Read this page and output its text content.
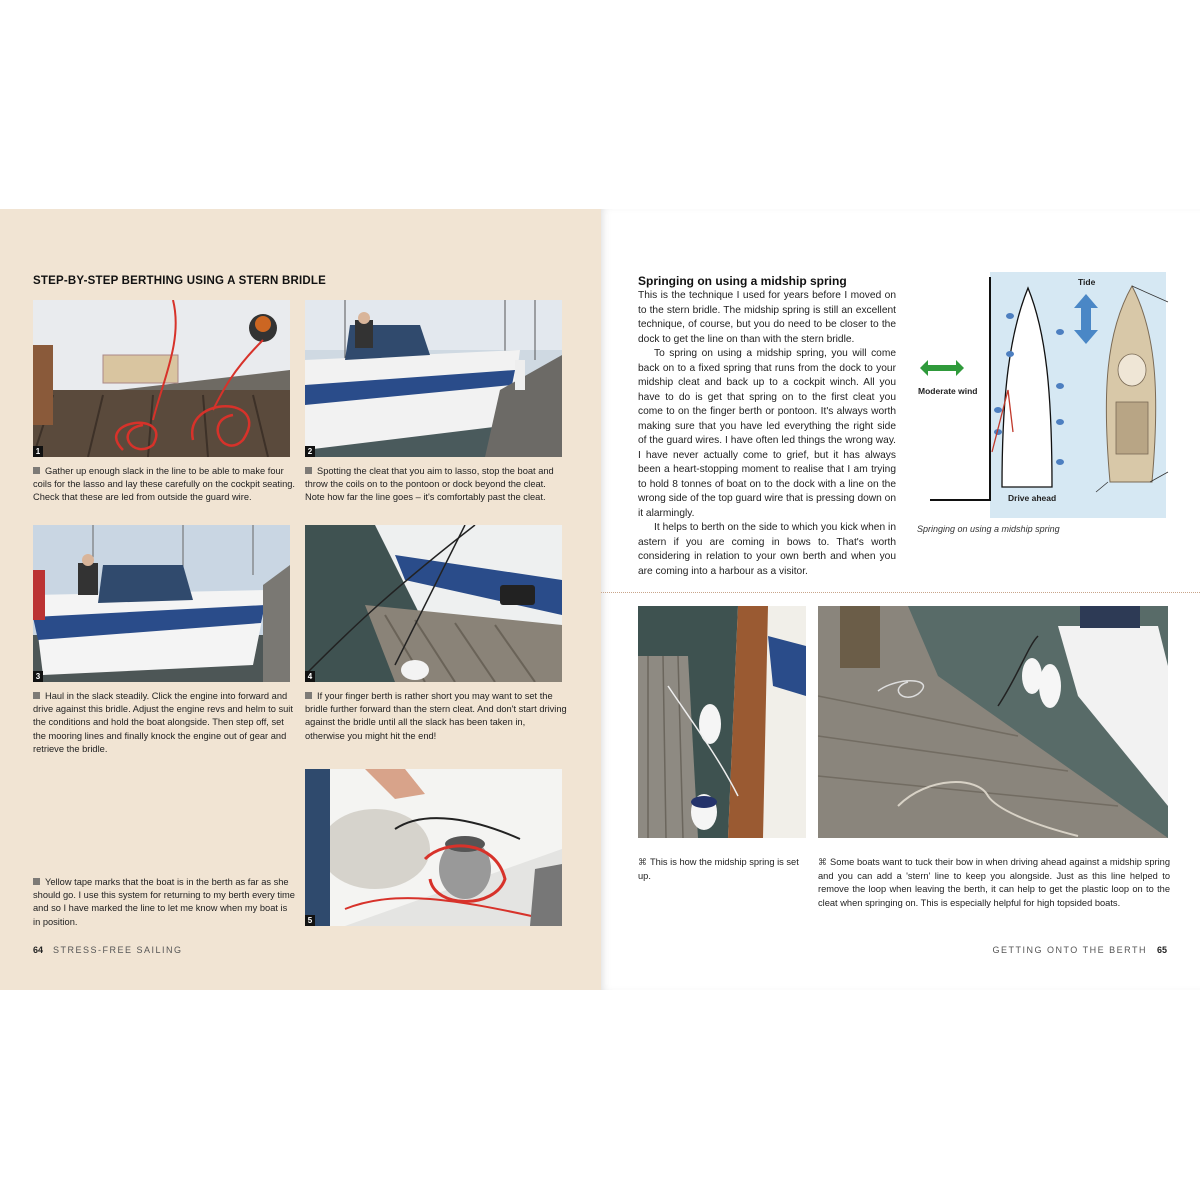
STEP-BY-STEP BERTHING USING A STERN BRIDLE
1	2
Gather up enough slack in the line to be able to make four coils for the lasso and lay these carefully on the cockpit seating. Check that these are led from outside the guard wire.
Spotting the cleat that you aim to lasso, stop the boat and throw the coils on to the pontoon or dock beyond the cleat. Note how far the line goes – it's comfortably past the cleat.
3	4
Haul in the slack steadily. Click the engine into forward and drive against this bridle. Adjust the engine revs and helm to suit the conditions and hold the boat alongside. Then step off, set the mooring lines and finally knock the engine out of gear and retrieve the bridle.
If your finger berth is rather short you may want to set the bridle further forward than the stern cleat. And don't start driving against the bridle until all the slack has been taken in, otherwise you might hit the end!
5
Yellow tape marks that the boat is in the berth as far as she should go. I use this system for returning to my berth every time and so I have marked the line to let me know when my boat is in position.
64 STRESS-FREE SAILING
Springing on using a midship spring

This is the technique I used for years before I moved on to the stern bridle. The midship spring is still an excellent technique, of course, but you do need to be closer to the dock to get the line on than with the stern bridle.

To spring on using a midship spring, you will come back on to a fixed spring that runs from the dock to your midship cleat and back up to a cockpit winch. All you have to do is get that spring on to the first cleat you come to on the finger berth or pontoon. It's always worth making sure that you have led everything the right side of the guard wires. I have often led things the wrong way. I have never actually come to grief, but it has always been a heart-stopping moment to realise that I am trying to hold 8 tonnes of boat on to the dock with a line on the wrong side of the top guard wire that is pressing down on it alarmingly.

It helps to berth on the side to which you kick when in astern if you are coming in bows to. That's worth considering in relation to your own berth and when you are coming into a harbour as a visitor.

Moderate wind
Tide
Drive ahead
Springing on using a midship spring
⌘ This is how the midship spring is set up.
⌘ Some boats want to tuck their bow in when driving ahead against a midship spring and you can add a 'stern' line to keep you alongside. Just as this line helped to remove the loop when leaving the berth, it can help to get the plastic loop on to the cleat when springing on. This is especially helpful for high topsided boats.
GETTING ONTO THE BERTH 65
